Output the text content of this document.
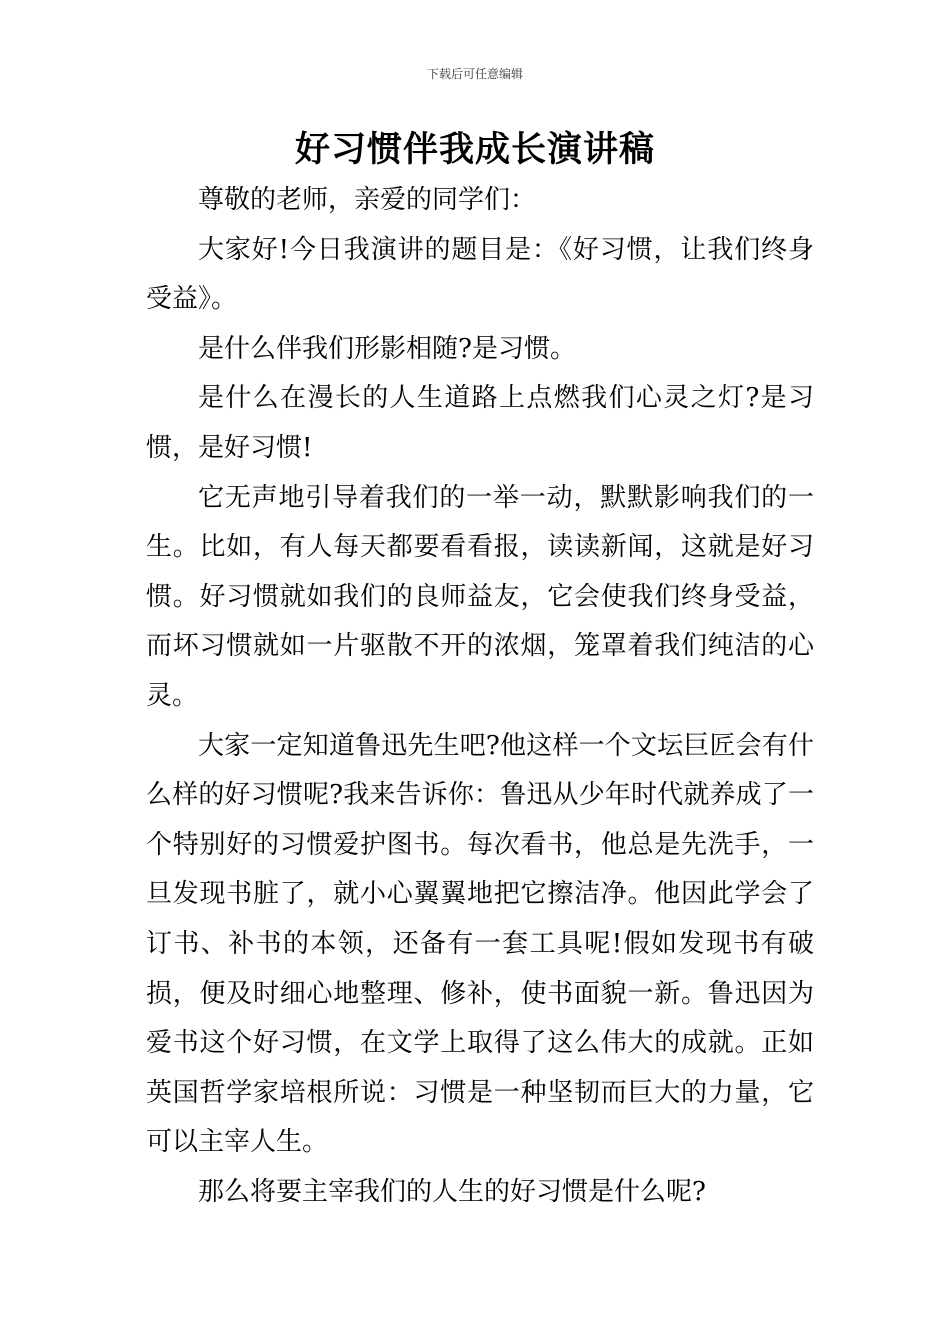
下载后可任意编辑
好习惯伴我成长演讲稿

尊敬的老师，亲爱的同学们：

大家好!今日我演讲的题目是：《好习惯，让我们终身受益》。

是什么伴我们形影相随?是习惯。

是什么在漫长的人生道路上点燃我们心灵之灯?是习惯，是好习惯!

它无声地引导着我们的一举一动，默默影响我们的一生。比如，有人每天都要看看报，读读新闻，这就是好习惯。好习惯就如我们的良师益友，它会使我们终身受益，而坏习惯就如一片驱散不开的浓烟，笼罩着我们纯洁的心灵。

大家一定知道鲁迅先生吧?他这样一个文坛巨匠会有什么样的好习惯呢?我来告诉你：鲁迅从少年时代就养成了一个特别好的习惯爱护图书。每次看书，他总是先洗手，一旦发现书脏了，就小心翼翼地把它擦洁净。他因此学会了订书、补书的本领，还备有一套工具呢!假如发现书有破损，便及时细心地整理、修补，使书面貌一新。鲁迅因为爱书这个好习惯，在文学上取得了这么伟大的成就。正如英国哲学家培根所说：习惯是一种坚韧而巨大的力量，它可以主宰人生。

那么将要主宰我们的人生的好习惯是什么呢?
